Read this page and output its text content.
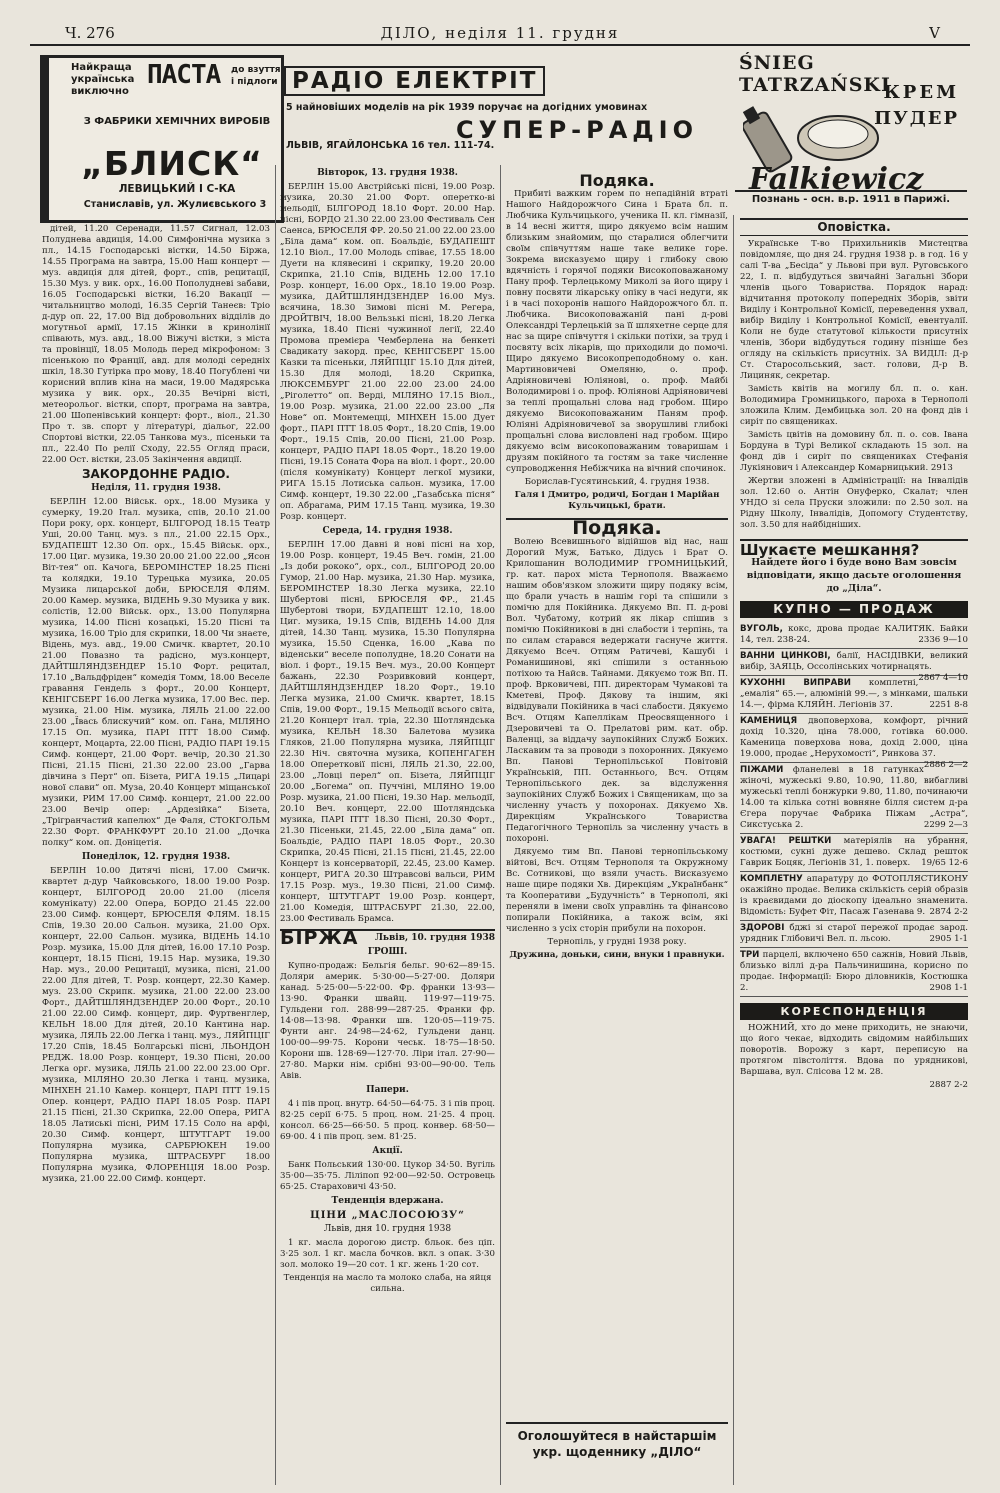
Ч. 276	ДІЛО, неділя 11. грудня	V
Найкраща
українська
виключно
ПАСТА до взуття
і підлоги
З ФАБРИКИ ХЕМІЧНИХ ВИРОБІВ
„БЛИСК“
ЛЕВИЦЬКИЙ І С-КА
Станиславів, ул. Жулиєвського 3
РАДІО ЕЛЕКТРІТ
5 найновіших моделів на рік 1939 поручає на догідних умовинах
СУПЕР-РАДІО
ЛЬВІВ, ЯГАЙЛОНСЬКА 16 тел. 111-74.
ŚNIEG TATRZAŃSKI
КРЕМ
ПУДЕР
Falkiewicz
Познань - осн. в.р. 1911 в Парижі.

дітей, 11.20 Серенади, 11.57 Сигнал, 12.03 Полуднева авдиція, 14.00 Симфонічна музика з пл., 14.15 Господарські вістки, 14.50 Біржа, 14.55 Програма на завтра, 15.00 Наш концерт — муз. авдиція для дітей, форт., спів, рецитації, 15.30 Муз. у вик. орх., 16.00 Пополудневі забави, 16.05 Господарські вістки, 16.20 Вакації — читальництво молоді, 16.35 Сергій Танеєв: Тріо д-дур оп. 22, 17.00 Від добровольних відділів до могутньої армії, 17.15 Жінки в кринолінії співають, муз. авд., 18.00 Віжучі вістки, з міста та провінції, 18.05 Молодь перед мікрофоном: З пісенькою по Франції, авд. для молоді середніх шкіл, 18.30 Гутірка про мову, 18.40 Погублені чи корисний вплив кіна на маси, 19.00 Мадярська музика у вик. орх., 20.35 Вечірні вісті, метеорольог. вістки, спорт, програма на завтра, 21.00 Шопенівський концерт: форт., віол., 21.30 Про т. зв. спорт у літературі, діальог, 22.00 Спортові вістки, 22.05 Танкова муз., пісеньки та пл., 22.40 По релії Сходу, 22.55 Огляд праси, 22.00 Ост. вістки, 23.05 Закінчення авдиції.

ЗАКОРДОННЕ РАДІО.
Неділя, 11. грудня 1938.

БЕРЛІН 12.00 Військ. орх., 18.00 Музика у сумерку, 19.20 Італ. музика, спів, 20.10 21.00 Пори року, орх. концерт, БІЛГОРОД 18.15 Театр Уші, 20.00 Танц. муз. з пл., 21.00 22.15 Орх., БУДАПЕШТ 12.30 Оп. орх., 15.45 Військ. орх., 17.00 Циг. музика, 19.30 20.00 21.00 22.00 „Ясон Віт-тея“ оп. Качога, БЕРОМІНСТЕР 18.25 Пісні та колядки, 19.10 Турецька музика, 20.05 Музика лицарської доби, БРЮСЕЛЯ ФЛЯМ. 20.00 Камер. музика, ВІДЕНЬ 9.30 Музика у вик. солістів, 12.00 Військ. орх., 13.00 Популярна музика, 14.00 Пісні козацькі, 15.20 Пісні та музика, 16.00 Тріо для скрипки, 18.00 Чи знаєте, Відень, муз. авд., 19.00 Смичк. квартет, 20.10 21.00 Повазно та радісно, муз.концерт, ДАЙТШЛЯНДЗЕНДЕР 15.10 Форт. рецитал, 17.10 „Вальдфріден“ комедія Томм, 18.00 Веселе гравання Гендель з форт., 20.00 Концерт, КЕНІГСБЕРГ 16.00 Легка музика, 17.00 Вес. пер. музика, 21.00 Нім. музика, ЛЯЛЬ 21.00 22.00 23.00 „Ївась блискучий“ ком. оп. Гана, МІЛЯНО 17.15 Оп. музика, ПАРІ ПТТ 18.00 Симф. концерт, Моцарта, 22.00 Пісні, РАДІО ПАРІ 19.15 Симф. концерт, 21.00 Форт. вечір, 20.30 21.30 Пісні, 21.15 Пісні, 21.30 22.00 23.00 „Гарва дівчина з Перт“ оп. Бізета, РИГА 19.15 „Лицарі нової слави“ оп. Муза, 20.40 Концерт міщанської музики, РИМ 17.00 Симф. концерт, 21.00 22.00 23.00 Вечір опер: „Ардезійка“ Бізета, „Трігранчастий капелюх“ Де Фаля, СТОКГОЛЬМ 22.30 Форт. ФРАНКФУРТ 20.10 21.00 „Дочка полку“ ком. оп. Доніцетія.

Понеділок, 12. грудня 1938.

БЕРЛІН 10.00 Дитячі пісні, 17.00 Смичк. квартет д-дур Чайковського, 18.00 19.00 Розр. концерт, БІЛГОРОД 20.00 21.00 (ліселя комунікату) 22.00 Опера, БОРДО 21.45 22.00 23.00 Симф. концерт, БРЮСЕЛЯ ФЛЯМ. 18.15 Спів, 19.30 20.00 Сальон. музика, 21.00 Орх. концерт, 22.00 Сальон. музика, ВІДЕНЬ 14.10 Розр. музика, 15.00 Для дітей, 16.00 17.10 Розр. концерт, 18.15 Пісні, 19.15 Нар. музика, 19.30 Нар. муз., 20.00 Рецитації, музика, пісні, 21.00 22.00 Для дітей, Т. Розр. концерт, 22.30 Камер. муз. 23.00 Скрипк. музика, 21.00 22.00 23.00 Форт., ДАЙТШЛЯНДЗЕНДЕР 20.00 Форт., 20.10 21.00 22.00 Симф. концерт, дир. Фуртвенглер, КЕЛЬН 18.00 Для дітей, 20.10 Кантина нар. музика, ЛЯЛЬ 22.00 Легка і танц. муз., ЛЯЙПЦІГ 17.20 Спів, 18.45 Болгарські пісні, ЛЬОНДОН РЕДЖ. 18.00 Розр. концерт, 19.30 Пісні, 20.00 Легка орг. музика, ЛЯЛЬ 21.00 22.00 23.00 Орг. музика, МІЛЯНО 20.30 Легка і танц. музика, МІНХЕН 21.10 Камер. концерт, ПАРІ ПТТ 19.15 Опер. концерт, РАДІО ПАРІ 18.05 Розр. ПАРІ 21.15 Пісні, 21.30 Скрипка, 22.00 Опера, РИГА 18.05 Латиські пісні, РИМ 17.15 Соло на арфі, 20.30 Симф. концерт, ШТУТГАРТ 19.00 Популярна музика, САРБРЮКЕН 19.00 Популярна музика, ШТРАСБУРГ 18.00 Популярна музика, ФЛОРЕНЦІЯ 18.00 Розр. музика, 21.00 22.00 Симф. концерт.

Вівторок, 13. грудня 1938.

БЕРЛІН 15.00 Австрійські пісні, 19.00 Розр. музика, 20.30 21.00 Форт. оперетко-ві мельодії, БІЛГОРОД 18.10 Форт. 20.00 Нар. пісні, БОРДО 21.30 22.00 23.00 Фестиваль Сен Саенса, БРЮСЕЛЯ ФР. 20.50 21.00 22.00 23.00 „Біла дама“ ком. оп. Боальдіє, БУДАПЕШТ 12.10 Віол., 17.00 Молодь співає, 17.55 18.00 Дуети на клявесині і скрипку, 19.20 20.00 Скрипка, 21.10 Спів, ВІДЕНЬ 12.00 17.10 Розр. концерт, 16.00 Орх., 18.10 19.00 Розр. музика, ДАЙТШЛЯНДЗЕНДЕР 16.00 Муз. всячина, 18.30 Зимові пісні М. Регера, ДРОЙТВІЧ, 18.00 Вельзькі пісні, 18.20 Легка музика, 18.40 Пісні чужинної легії, 22.40 Промова премієра Чемберлена на бенкеті Свадикату закорд. прес, КЕНІГСБЕРГ 15.00 Казки та пісеньки, ЛЯЙПЦІГ 15.10 Для дітей, 15.30 Для молоді, 18.20 Скрипка, ЛЮКСЕМБУРГ 21.00 22.00 23.00 24.00 „Ріголетто“ оп. Верді, МІЛЯНО 17.15 Віол., 19.00 Розр. музика, 21.00 22.00 23.00 „Ля Нове“ оп. Монтемецці, МІНХЕН 15.00 Дует форт., ПАРІ ПТТ 18.05 Форт., 18.20 Спів, 19.00 Форт., 19.15 Спів, 20.00 Пісні, 21.00 Розр. концерт, РАДІО ПАРІ 18.05 Форт., 18.20 19.00 Пісні, 19.15 Соната Фора на віол. і форт., 20.00 (після комунікату) Концерт легкої музики, РИГА 15.15 Лотиська сальон. музика, 17.00 Симф. концерт, 19.30 22.00 „Газабська пісня“ оп. Абрагама, РИМ 17.15 Танц. музика, 19.30 Розр. концерт.

Середа, 14. грудня 1938.

БЕРЛІН 17.00 Давні й нові пісні на хор, 19.00 Розр. концерт, 19.45 Веч. гомін, 21.00 „Із доби рококо“, орх., сол., БІЛГОРОД 20.00 Гумор, 21.00 Нар. музика, 21.30 Нар. музика, БЕРОМІНСТЕР 18.30 Легка музика, 22.10 Шубертові пісні, БРЮСЕЛЯ ФР., 21.45 Шубертові твори, БУДАПЕШТ 12.10, 18.00 Циг. музика, 19.15 Спів, ВІДЕНЬ 14.00 Для дітей, 14.30 Танц. музика, 15.30 Популярна музика, 15.50 Сценка, 16.00 „Кава по віденськи“ веселе пополудне, 18.20 Сонати на віол. і форт., 19.15 Веч. муз., 20.00 Концерт бажань, 22.30 Розривковий концерт, ДАЙТШЛЯНДЗЕНДЕР 18.20 Форт., 19.10 Легка музика, 21.00 Смичк. квартет, 18.15 Спів, 19.00 Форт., 19.15 Мельодії всього світа, 21.20 Концерт італ. тріа, 22.30 Шотляндська музика, КЕЛЬН 18.30 Балетова музика Гляков, 21.00 Популярна музика, ЛЯЙПЦІГ 22.30 Ніч. святочна музика, КОПЕНГАГЕН 18.00 Оперетковії пісні, ЛЯЛЬ 21.30, 22.00, 23.00 „Ловці перел“ оп. Бізета, ЛЯЙПЦІГ 20.00 „Богема“ оп. Пуччіні, МІЛЯНО 19.00 Розр. музика, 21.00 Пісні, 19.30 Нар. мельодії, 20.10 Веч. концерт, 22.00 Шотляндська музика, ПАРІ ПТТ 18.30 Пісні, 20.30 Форт., 21.30 Пісеньки, 21.45, 22.00 „Біла дама“ оп. Боальдіє, РАДІО ПАРІ 18.05 Форт., 20.30 Скрипка, 20.45 Пісні, 21.15 Пісні, 21.45, 22.00 Концерт із консерваторії, 22.45, 23.00 Камер. концерт, РИГА 20.30 Штравсові вальси, РИМ 17.15 Розр. муз., 19.30 Пісні, 21.00 Симф. концерт, ШТУТГАРТ 19.00 Розр. концерт, 21.00 Комедія, ШТРАСБУРГ 21.30, 22.00, 23.00 Фестиваль Брамса.

БІРЖА Львів, 10. грудня 1938
ГРОШІ.

Купно-продаж: Бельгія бельг. 90·62—89·15. Доляри америк. 5·30·00—5·27·00. Доляри канад. 5·25·00—5·22·00. Фр. франки 13·93—13·90. Франки швайц. 119·97—119·75. Гульдени гол. 288·99—287·25. Франки фр. 14·08—13·98. Франки шв. 120·05—119·75. Фунти анг. 24·98—24·62, Гульдени данц. 100·00—99·75. Корони чеськ. 18·75—18·50. Корони шв. 128·69—127·70. Ліри італ. 27·90—27·80. Марки нім. срібні 93·00—90·00. Тель Авів.

Папери.

4 і пів проц. внутр. 64·50—64·75. 3 і пів проц. 82·25 серії 6·75. 5 проц. ном. 21·25. 4 проц. консол. 66·25—66·50. 5 проц. конвер. 68·50—69·00. 4 і пів проц. зем. 81·25.

Акції.

Банк Польський 130·00. Цукор 34·50. Вугіль 35·00—35·75. Ліліпоп 92·00—92·50. Островець 65·25. Стараховичі 43·50.

Тенденція вдержана.
ЦІНИ „МАСЛОСОЮЗУ“
Львів, дня 10. грудня 1938

1 кг. масла дорогою дистр. бльок. без ціп. 3·25 зол. 1 кг. масла бочков. вкл. з опак. 3·30 зол. молоко 19—20 сот. 1 кг. жень 1·20 сот.

Тенденція на масло та молоко слаба, на яйця сильна.

Подяка.

Прибиті важким горем по непадійній втраті Нашого Найдорожчого Сина і Брата бл. п. Любчика Кульчицького, ученика ІІ. кл. гімназії, в 14 весні життя, щиро дякуємо всім нашим близьким знайомим, що старалися облегчити своїм співчуттям наше таке велике горе. Зокрема висказуємо щиру і глибоку свою вдячність і горячої подяки Високоповажаному Пану проф. Терлецькому Миколі за його щиру і повну посвяти лікарську опіку в часі недуги, як і в часі похоронів нашого Найдорожчого бл. п. Любчика. Високоповажаній пані д-рові Олександрі Терлецькій за її шляхетне серце для нас за щире співчуття і скільки потіхи, за труд і посвяту всіх лікарів, що приходили до помочі. Щиро дякуємо Високопреподобному о. кан. Мартиновичеві Омеляню, о. проф. Адріяновичеві Юліянові, о. проф. Майбі Володимирові і о. проф. Юліянові Адріяновичеві за теплі прощальні слова над гробом. Щиро дякуємо Високоповажаним Паням проф. Юліяні Адріяновичевої за зворушливі глибокі прощальні слова висловлені над гробом. Щиро дякуємо всім високоповажаним товаришам і друзям покійного та гостям за таке численне супроводження Небіжчика на вічний спочинок.

Борислав-Гусятинський, 4. грудня 1938.

Галя і Дмитро, родичі, Богдан і Марійан Кульчицькі, брати.

Подяка.

Волею Всевишнього відійшов від нас, наш Дорогий Муж, Батько, Дідусь і Брат О. Крилошанин ВОЛОДИМИР ГРОМНИЦЬКИЙ, гр. кат. парох міста Тернополя. Вважаємо нашим обов'язком зложити щиру подяку всім, що брали участь в нашім горі та спішили з помічю для Покійника. Дякуємо Вп. П. д-рові Вол. Чубатому, котрий як лікар спішив з помічю Покійникові в дні слабости і терпінь, та по силам старався ведержати гаснуче життя. Дякуємо Всеч. Отцям Ратичеві, Кашубі і Романишинові, які спішили з останньою потіхою та Найсв. Тайнами. Дякуємо тож Вп. П. проф. Врковичеві, ПП. директорам Чумакові та Кметеві, Проф. Дякову та іншим, які відвідували Покійника в часі слабости. Дякуємо Всч. Отцям Капеллікам Преосвященного і Дзеровичеві та О. Прелатові рим. кат. обр. Валенці, за віддачу заупокійних Служб Божих. Ласкавим та за проводи з похоронних. Дякуємо Вп. Панові Тернопільської Повітовій Українській, ПП. Останнього, Всч. Отцям Тернопільського дек. за відслуження заупокійних Служб Божих і Священикам, що за численну участь у похоронах. Дякуємо Хв. Дирекціям Українського Товариства Педагогічного Тернопіль за численну участь в похороні.

Дякуємо тим Вп. Панові тернопільському війтові, Всч. Отцям Тернополя та Окружному Вс. Сотникові, що взяли участь. Висказуємо наше щире подяки Хв. Дирекціям „Українбанк“ та Кооперативи „Будучність“ в Тернополі, які переняли в імени своїх управлінь та фінансово попирали Покійника, а також всім, які численно з усіх сторін прибули на похорон.

Тернопіль, у грудні 1938 року.

Дружина, доньки, сини, внуки і правнуки.

Оголошуйтеся в найстаршім
укр. щоденнику „ДІЛО“
Оповістка.

Українське Т-во Прихильників Мистецтва повідомляє, що дня 24. грудня 1938 р. в год. 16 у салі Т-ва „Бесіда“ у Львові при вул. Руговського 22, І. п. відбудуться звичайні Загальні Збори членів цього Товариства. Порядок нарад: відчитання протоколу попередніх Зборів, звіти Виділу і Контрольної Комісії, переведення ухвал, вибір Виділу і Контрольної Комісії, евентуалії. Коли не буде статутової кількости присутніх членів, Збори відбудуться годину пізніше без огляду на скількість присутніх. ЗА ВИДІЛ: Д-р Ст. Старосольський, заст. голови, Д-р В. Лициняк, секретар.

Замість квітів на могилу бл. п. о. кан. Володимира Громницького, пароха в Тернополі зложила Клим. Дембицька зол. 20 на фонд дів і сиріт по священиках.

Замість цвітів на домовину бл. п. о. сов. Івана Бордуна в Турі Великої складають 15 зол. на фонд дів і сиріт по священиках Стефанія Лукіянович і Александер Комарницький. 2913

Жертви зложені в Адміністрації: на Інвалідів зол. 12.60 о. Антін Онуферко, Скалат; член УНДО зі села Пруски зложили: по 2.50 зол. на Рідну Школу, Інвалідів, Допомогу Студентству, зол. 3.50 для найбідніших.

Шукаєте мешкання?

Найдете його і буде воно Вам зовсім відповідати, якщо дасьте оголошення до „Діла“.

КУПНО — ПРОДАЖ
ВУГОЛЬ, кокс, дрова продає КАЛИТЯК. Байки 14, тел. 238-24.	2336 9—10
ВАННИ ЦИНКОВІ, балії, НАСІДІВКИ, великий вибір, ЗАЯЦЬ, Оссолінських чотирнацять.
2867 4—10
КУХОННІ ВИПРАВИ комплетні, „емалія“ 65.—, алюміній 99.—, з мінками, шальки 14.—, фірма КЛЯЙН. Легіонів 37.	2251 8-8
КАМЕНИЦЯ двоповерхова, комфорт, річний дохід 10.320, ціна 78.000, готівка 60.000. Каменица поверхова нова, дохід 2.000, ціна 19.000, продає „Нерухомості“, Ринкова 37.
2886 2—2
ПІЖАМИ фланелеві в 18 гатунках жіночі, мужеські 9.80, 10.90, 11.80, вибагливі мужеські теплі бонжурки 9.80, 11.80, починаючи 14.00 та кілька сотні вовняне білля систем д-ра Єгера поручає Фабрика Піжам „Астра“, Сикстуська 2.	2299 2—3
УВАГА! РЕШТКИ матеріялів на убрання, костюми, сукні дуже дешево. Склад решток Гаврик Боцяк, Легіонів 31, 1. поверх. 19/65 12-6
КОМПЛЕТНУ апаратуру до ФОТОПЛЯСТИКОНУ окажійно продає. Велика скількість серій образів із краєвидами до діоскопу ідеально знаменита. Відомість: Буфет Фіт, Пасаж Газенава 9. 2874 2-2
ЗДОРОВІ бджі зі старої пережої продає зарод. урядник Глібовичі Вел. п. льсою.	2905 1-1
ТРИ парцелі, включено 650 сажнів, Новий Львів, близько віллі д-ра Пальчинишина, корисно по продає. Інформації: Бюро діловників, Костюшка 2.	2908 1-1
КОРЕСПОНДЕНЦІЯ

НОЖНИЙ, хто до мене приходить, не знаючи, що його чекає, відходить свідомим найбільших поворотів. Ворожу з карт, переписую на протягом півстоліття. Вдова по урядникові, Варшава, вул. Слісова 12 м. 28.

2887 2-2
